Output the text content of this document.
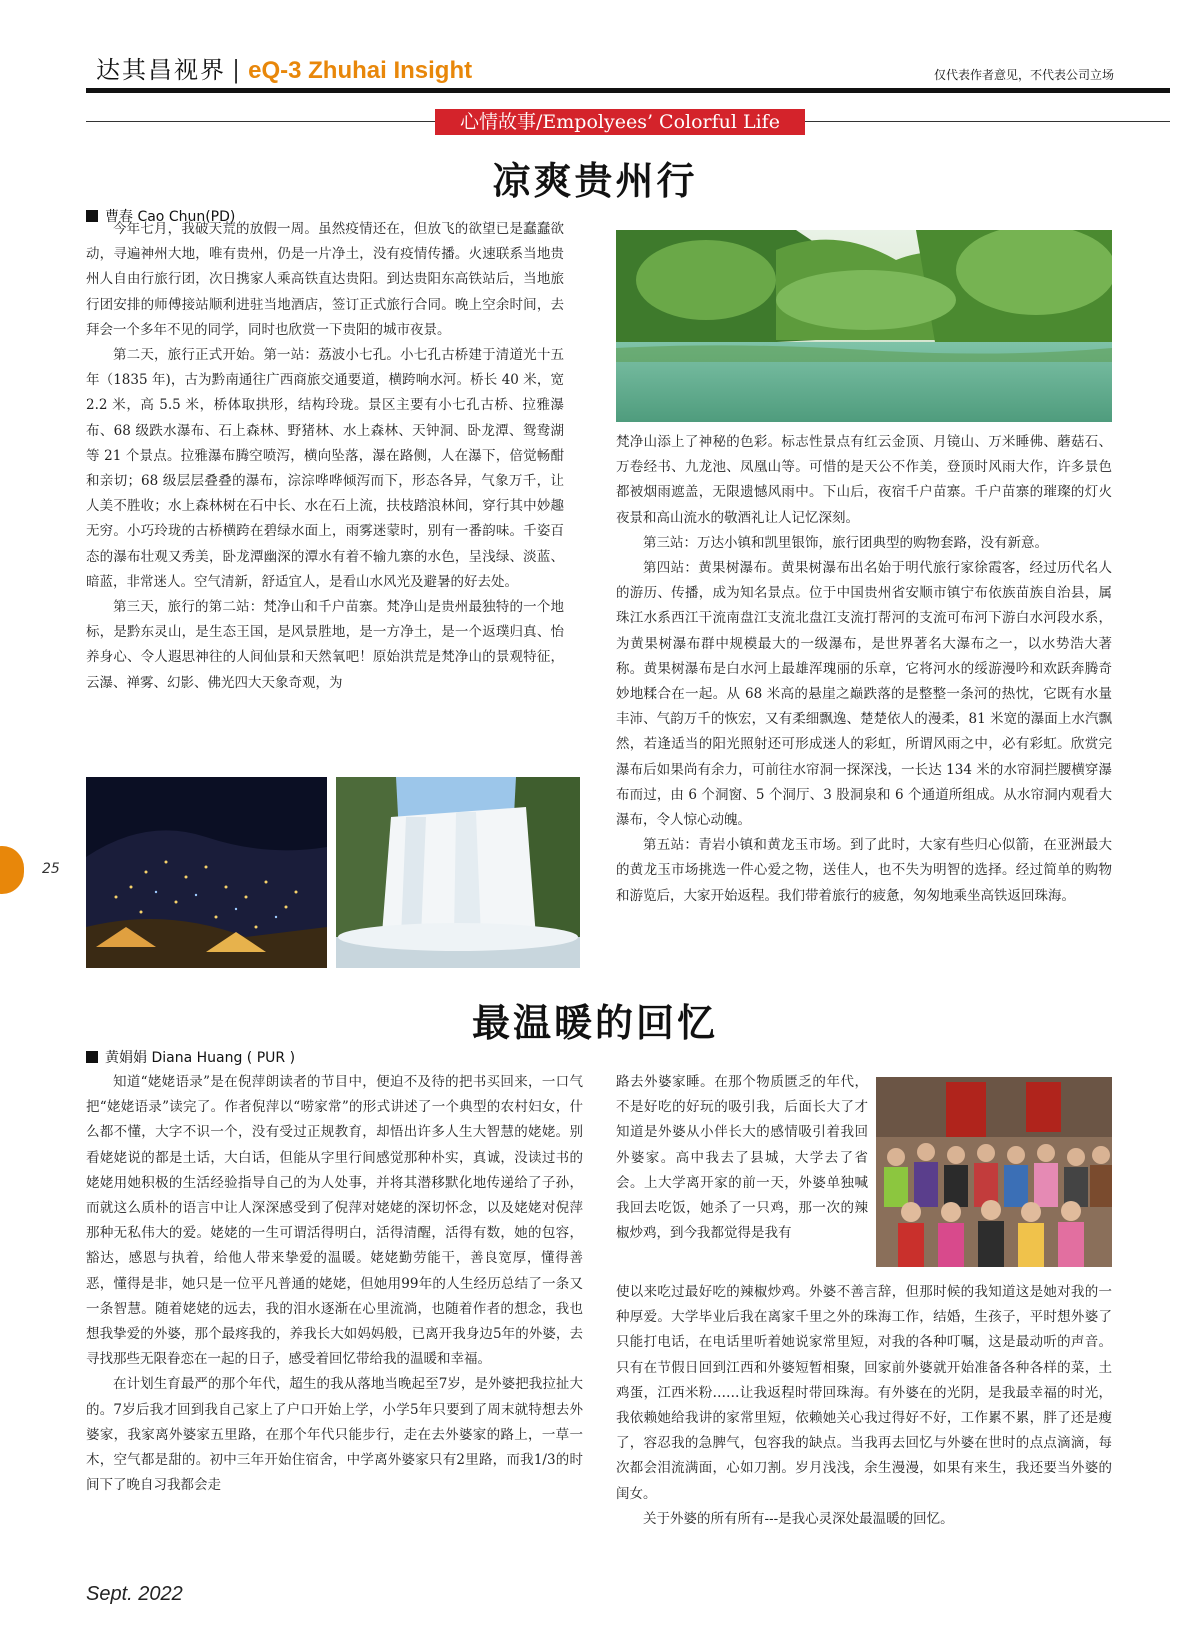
达其昌视界 | eQ-3 Zhuhai Insight	仅代表作者意见，不代表公司立场
心情故事/Empolyees’ Colorful Life
凉爽贵州行
曹春 Cao Chun(PD)

今年七月，我破天荒的放假一周。虽然疫情还在，但放飞的欲望已是蠢蠢欲动，寻遍神州大地，唯有贵州，仍是一片净土，没有疫情传播。火速联系当地贵州人自由行旅行团，次日携家人乘高铁直达贵阳。到达贵阳东高铁站后，当地旅行团安排的师傅接站顺利进驻当地酒店，签订正式旅行合同。晚上空余时间，去拜会一个多年不见的同学，同时也欣赏一下贵阳的城市夜景。

第二天，旅行正式开始。第一站：荔波小七孔。小七孔古桥建于清道光十五年（1835 年)，古为黔南通往广西商旅交通要道，横跨响水河。桥长 40 米，宽 2.2 米，高 5.5 米，桥体取拱形，结构玲珑。景区主要有小七孔古桥、拉雅瀑布、68 级跌水瀑布、石上森林、野猪林、水上森林、天钟洞、卧龙潭、鸳鸯湖等 21 个景点。拉雅瀑布腾空喷泻，横向坠落，瀑在路侧，人在瀑下，倍觉畅酣和亲切；68 级层层叠叠的瀑布，淙淙哗哗倾泻而下，形态各异，气象万千，让人美不胜收；水上森林树在石中长、水在石上流，扶枝踏浪林间，穿行其中妙趣无穷。小巧玲珑的古桥横跨在碧绿水面上，雨雾迷蒙时，别有一番韵味。千姿百态的瀑布壮观又秀美，卧龙潭幽深的潭水有着不输九寨的水色，呈浅绿、淡蓝、暗蓝，非常迷人。空气清新，舒适宜人，是看山水风光及避暑的好去处。

第三天，旅行的第二站：梵净山和千户苗寨。梵净山是贵州最独特的一个地标，是黔东灵山，是生态王国，是风景胜地，是一方净土，是一个返璞归真、怡养身心、令人遐思神往的人间仙景和天然氧吧！原始洪荒是梵净山的景观特征，云瀑、禅雾、幻影、佛光四大天象奇观，为

梵净山添上了神秘的色彩。标志性景点有红云金顶、月镜山、万米睡佛、蘑菇石、万卷经书、九龙池、凤凰山等。可惜的是天公不作美，登顶时风雨大作，许多景色都被烟雨遮盖，无限遗憾风雨中。下山后，夜宿千户苗寨。千户苗寨的璀璨的灯火夜景和高山流水的敬酒礼让人记忆深刻。

第三站：万达小镇和凯里银饰，旅行团典型的购物套路，没有新意。

第四站：黄果树瀑布。黄果树瀑布出名始于明代旅行家徐霞客，经过历代名人的游历、传播，成为知名景点。位于中国贵州省安顺市镇宁布依族苗族自治县，属珠江水系西江干流南盘江支流北盘江支流打帮河的支流可布河下游白水河段水系，为黄果树瀑布群中规模最大的一级瀑布，是世界著名大瀑布之一，以水势浩大著称。黄果树瀑布是白水河上最雄浑瑰丽的乐章，它将河水的绥游漫吟和欢跃奔腾奇妙地糅合在一起。从 68 米高的悬崖之巅跌落的是整整一条河的热忱，它既有水量丰沛、气韵万千的恢宏，又有柔细飘逸、楚楚依人的漫柔，81 米宽的瀑面上水汽飘然，若逢适当的阳光照射还可形成迷人的彩虹，所谓风雨之中，必有彩虹。欣赏完瀑布后如果尚有余力，可前往水帘洞一探深浅，一长达 134 米的水帘洞拦腰横穿瀑布而过，由 6 个洞窗、5 个洞厅、3 股洞泉和 6 个通道所组成。从水帘洞内观看大瀑布，令人惊心动魄。

第五站：青岩小镇和黄龙玉市场。到了此时，大家有些归心似箭，在亚洲最大的黄龙玉市场挑选一件心爱之物，送佳人，也不失为明智的选择。经过简单的购物和游览后，大家开始返程。我们带着旅行的疲惫，匆匆地乘坐高铁返回珠海。

25
最温暖的回忆
黄娟娟 Diana Huang ( PUR )

知道“姥姥语录”是在倪萍朗读者的节目中，便迫不及待的把书买回来，一口气把“姥姥语录”读完了。作者倪萍以“唠家常”的形式讲述了一个典型的农村妇女，什么都不懂，大字不识一个，没有受过正规教育，却悟出许多人生大智慧的姥姥。别看姥姥说的都是土话，大白话，但能从字里行间感觉那种朴实，真诚，没读过书的姥姥用她积极的生活经验指导自己的为人处事，并将其潜移默化地传递给了子孙，而就这么质朴的语言中让人深深感受到了倪萍对姥姥的深切怀念，以及姥姥对倪萍那种无私伟大的爱。姥姥的一生可谓活得明白，活得清醒，活得有数，她的包容，豁达，感恩与执着，给他人带来挚爱的温暖。姥姥勤劳能干，善良宽厚，懂得善恶，懂得是非，她只是一位平凡普通的姥姥，但她用99年的人生经历总结了一条又一条智慧。随着姥姥的远去，我的泪水逐渐在心里流淌，也随着作者的想念，我也想我挚爱的外婆，那个最疼我的，养我长大如妈妈般，已离开我身边5年的外婆，去寻找那些无限眷恋在一起的日子，感受着回忆带给我的温暖和幸福。

在计划生育最严的那个年代，超生的我从落地当晚起至7岁，是外婆把我拉扯大的。7岁后我才回到我自己家上了户口开始上学，小学5年只要到了周末就特想去外婆家，我家离外婆家五里路，在那个年代只能步行，走在去外婆家的路上，一草一木，空气都是甜的。初中三年开始住宿舍，中学离外婆家只有2里路，而我1/3的时间下了晚自习我都会走

路去外婆家睡。在那个物质匮乏的年代，不是好吃的好玩的吸引我，后面长大了才知道是外婆从小伴长大的感情吸引着我回外婆家。高中我去了县城，大学去了省会。上大学离开家的前一天，外婆单独喊我回去吃饭，她杀了一只鸡，那一次的辣椒炒鸡，到今我都觉得是我有

使以来吃过最好吃的辣椒炒鸡。外婆不善言辞，但那时候的我知道这是她对我的一种厚爱。大学毕业后我在离家千里之外的珠海工作，结婚，生孩子，平时想外婆了只能打电话，在电话里听着她说家常里短，对我的各种叮嘱，这是最动听的声音。只有在节假日回到江西和外婆短暂相聚，回家前外婆就开始准备各种各样的菜，土鸡蛋，江西米粉……让我返程时带回珠海。有外婆在的光阴，是我最幸福的时光，我依赖她给我讲的家常里短，依赖她关心我过得好不好，工作累不累，胖了还是瘦了，容忍我的急脾气，包容我的缺点。当我再去回忆与外婆在世时的点点滴滴，每次都会泪流满面，心如刀割。岁月浅浅，余生漫漫，如果有来生，我还要当外婆的闺女。

关于外婆的所有所有---是我心灵深处最温暖的回忆。

Sept. 2022
